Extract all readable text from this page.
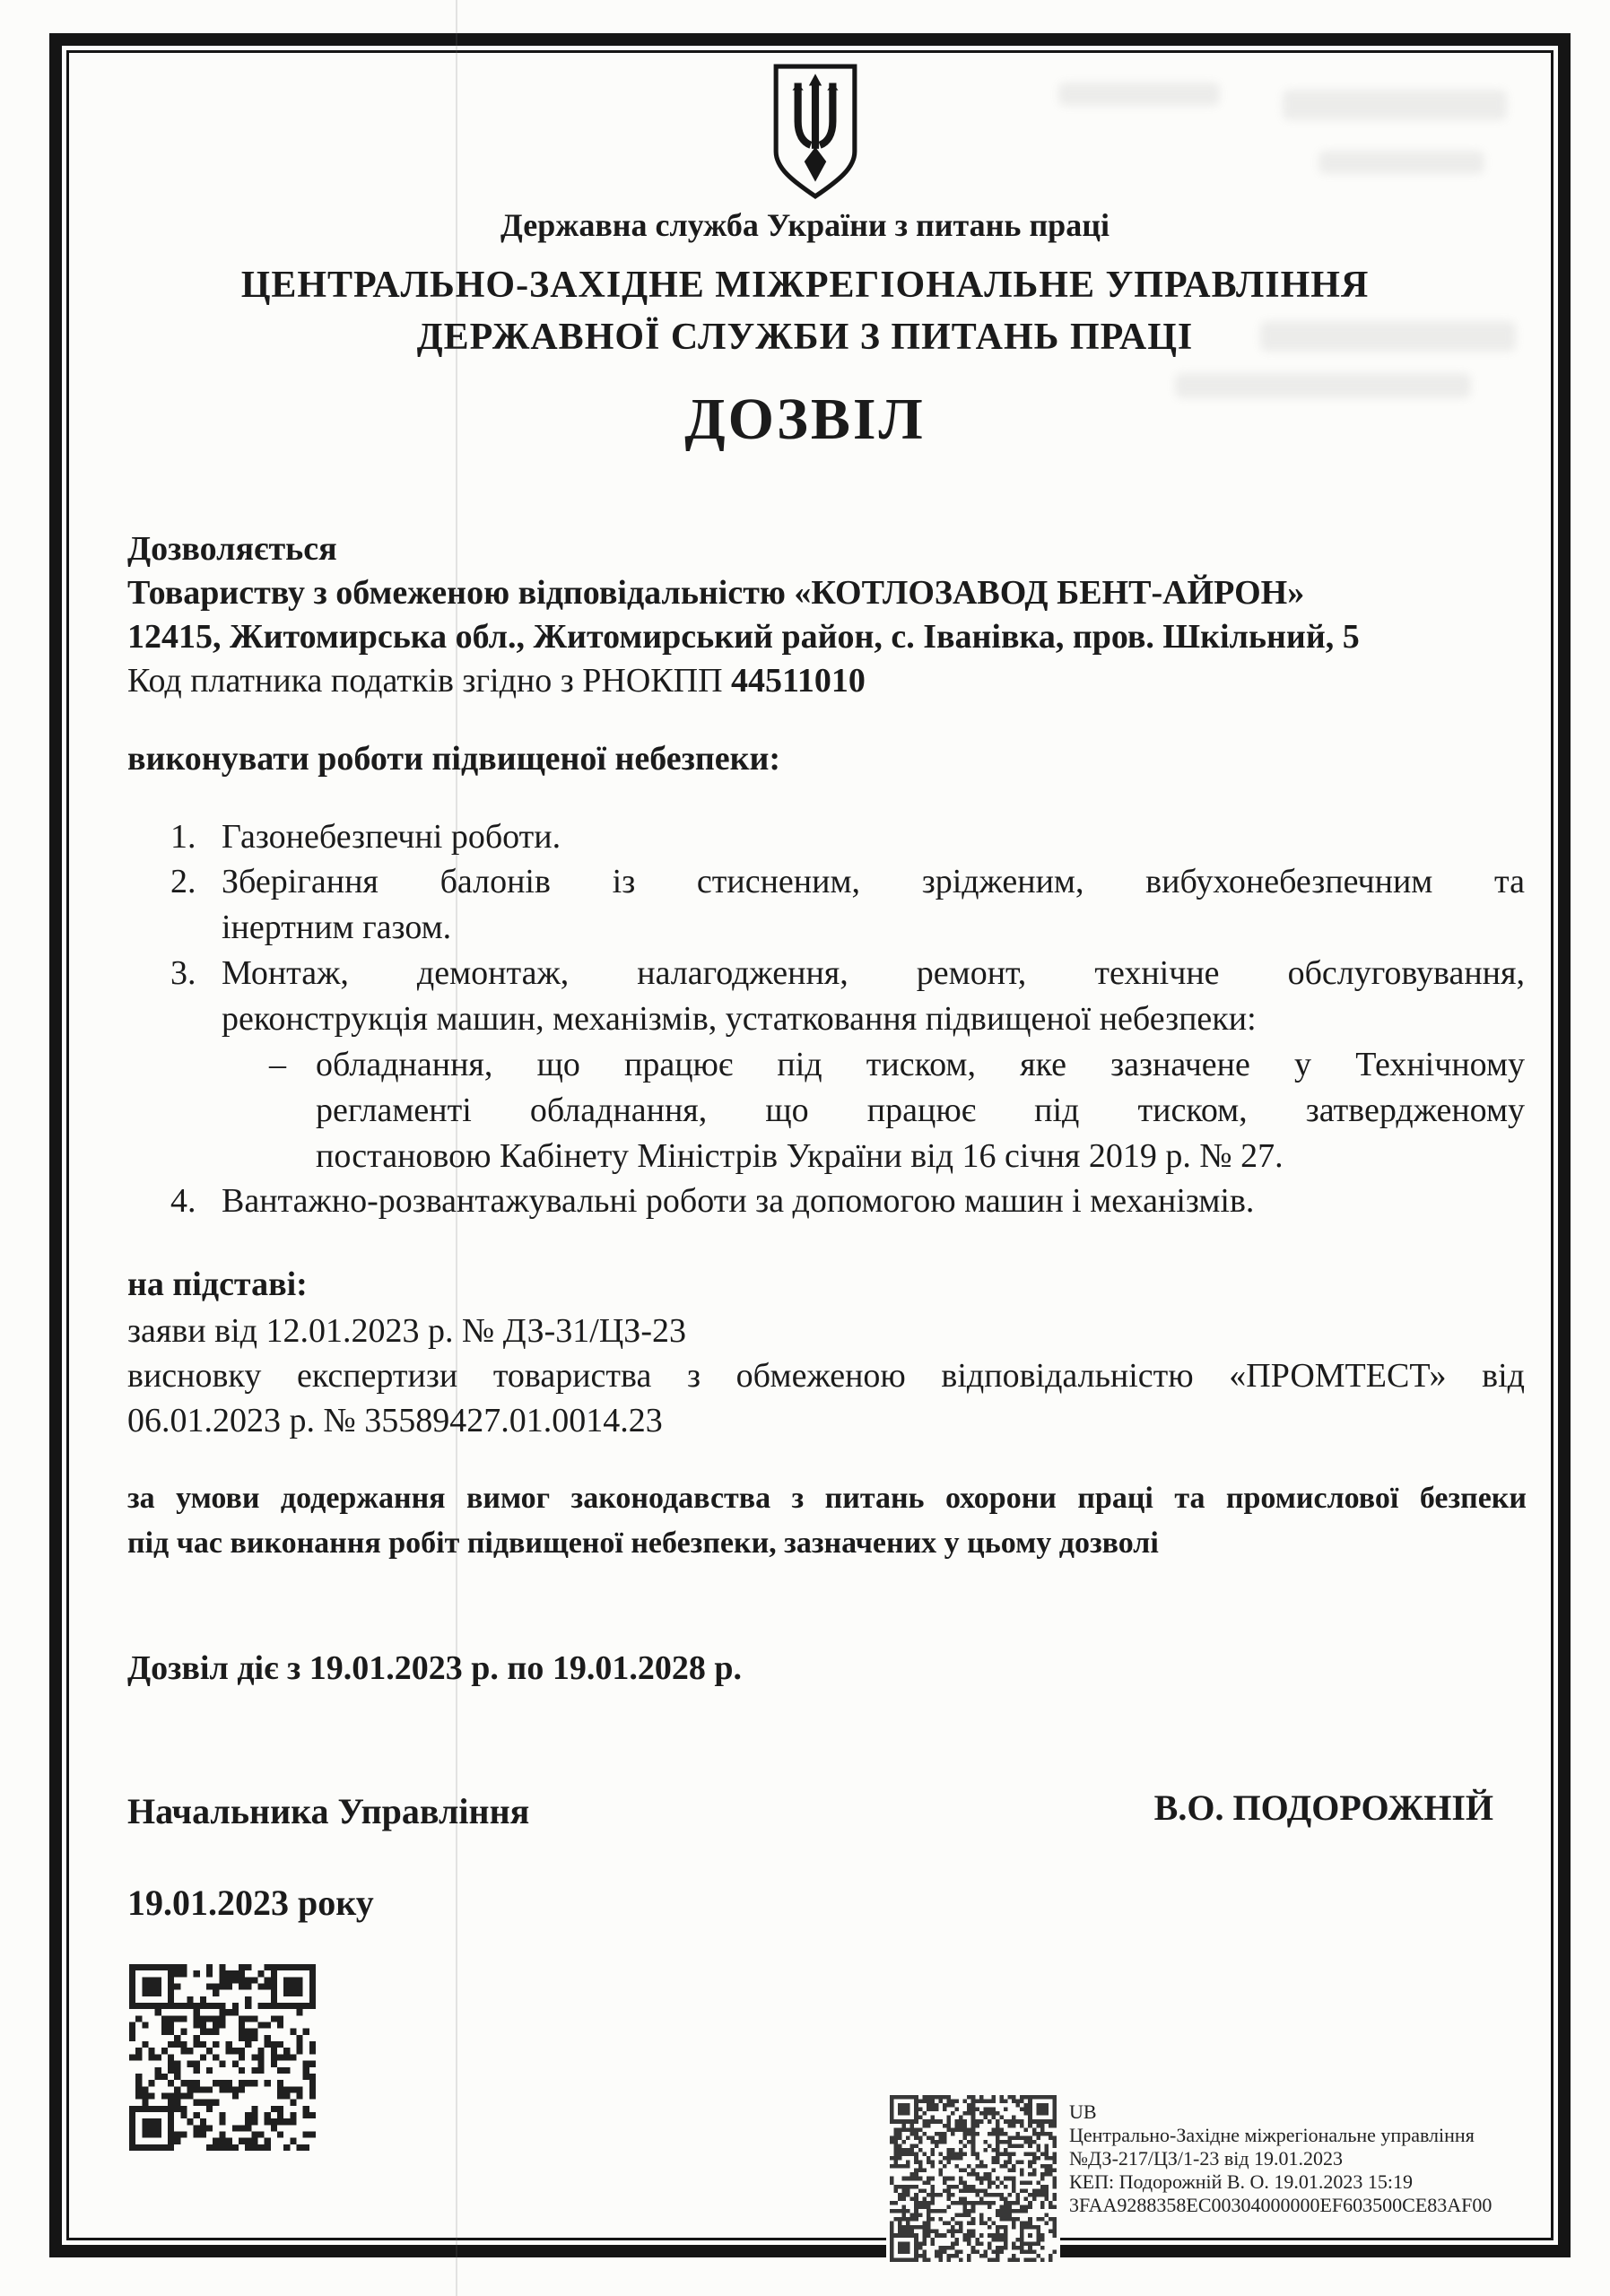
Державна служба України з питань праці
ЦЕНТРАЛЬНО-ЗАХІДНЕ МІЖРЕГІОНАЛЬНЕ УПРАВЛІННЯ
ДЕРЖАВНОЇ СЛУЖБИ З ПИТАНЬ ПРАЦІ
ДОЗВІЛ
Дозволяється
Товариству з обмеженою відповідальністю «КОТЛОЗАВОД БЕНТ-АЙРОН»
12415, Житомирська обл., Житомирський район, с. Іванівка, пров. Шкільний, 5
Код платника податків згідно з РНОКПП 44511010
виконувати роботи підвищеної небезпеки:
1. Газонебезпечні роботи.
2. Зберігання балонів із стисненим, зрідженим, вибухонебезпечним та
інертним газом.
3. Монтаж, демонтаж, налагодження, ремонт, технічне обслуговування,
реконструкція машин, механізмів, устатковання підвищеної небезпеки:
– обладнання, що працює під тиском, яке зазначене у Технічному
регламенті обладнання, що працює під тиском, затвердженому
постановою Кабінету Міністрів України від 16 січня 2019 р. № 27.
4. Вантажно-розвантажувальні роботи за допомогою машин і механізмів.
на підставі:
заяви від 12.01.2023 р. № ДЗ-31/ЦЗ-23
висновку експертизи товариства з обмеженою відповідальністю «ПРОМТЕСТ» від
06.01.2023 р. № 35589427.01.0014.23
за умови додержання вимог законодавства з питань охорони праці та промислової безпеки
під час виконання робіт підвищеної небезпеки, зазначених у цьому дозволі
Дозвіл діє з 19.01.2023 р. по 19.01.2028 р.
Начальника Управління	В.О. ПОДОРОЖНІЙ
19.01.2023 року
UB
Центрально-Західне міжрегіональне управління
№ДЗ-217/ЦЗ/1-23 від 19.01.2023
КЕП: Подорожній В. О. 19.01.2023 15:19
3FAA9288358EC00304000000EF603500CE83AF00
